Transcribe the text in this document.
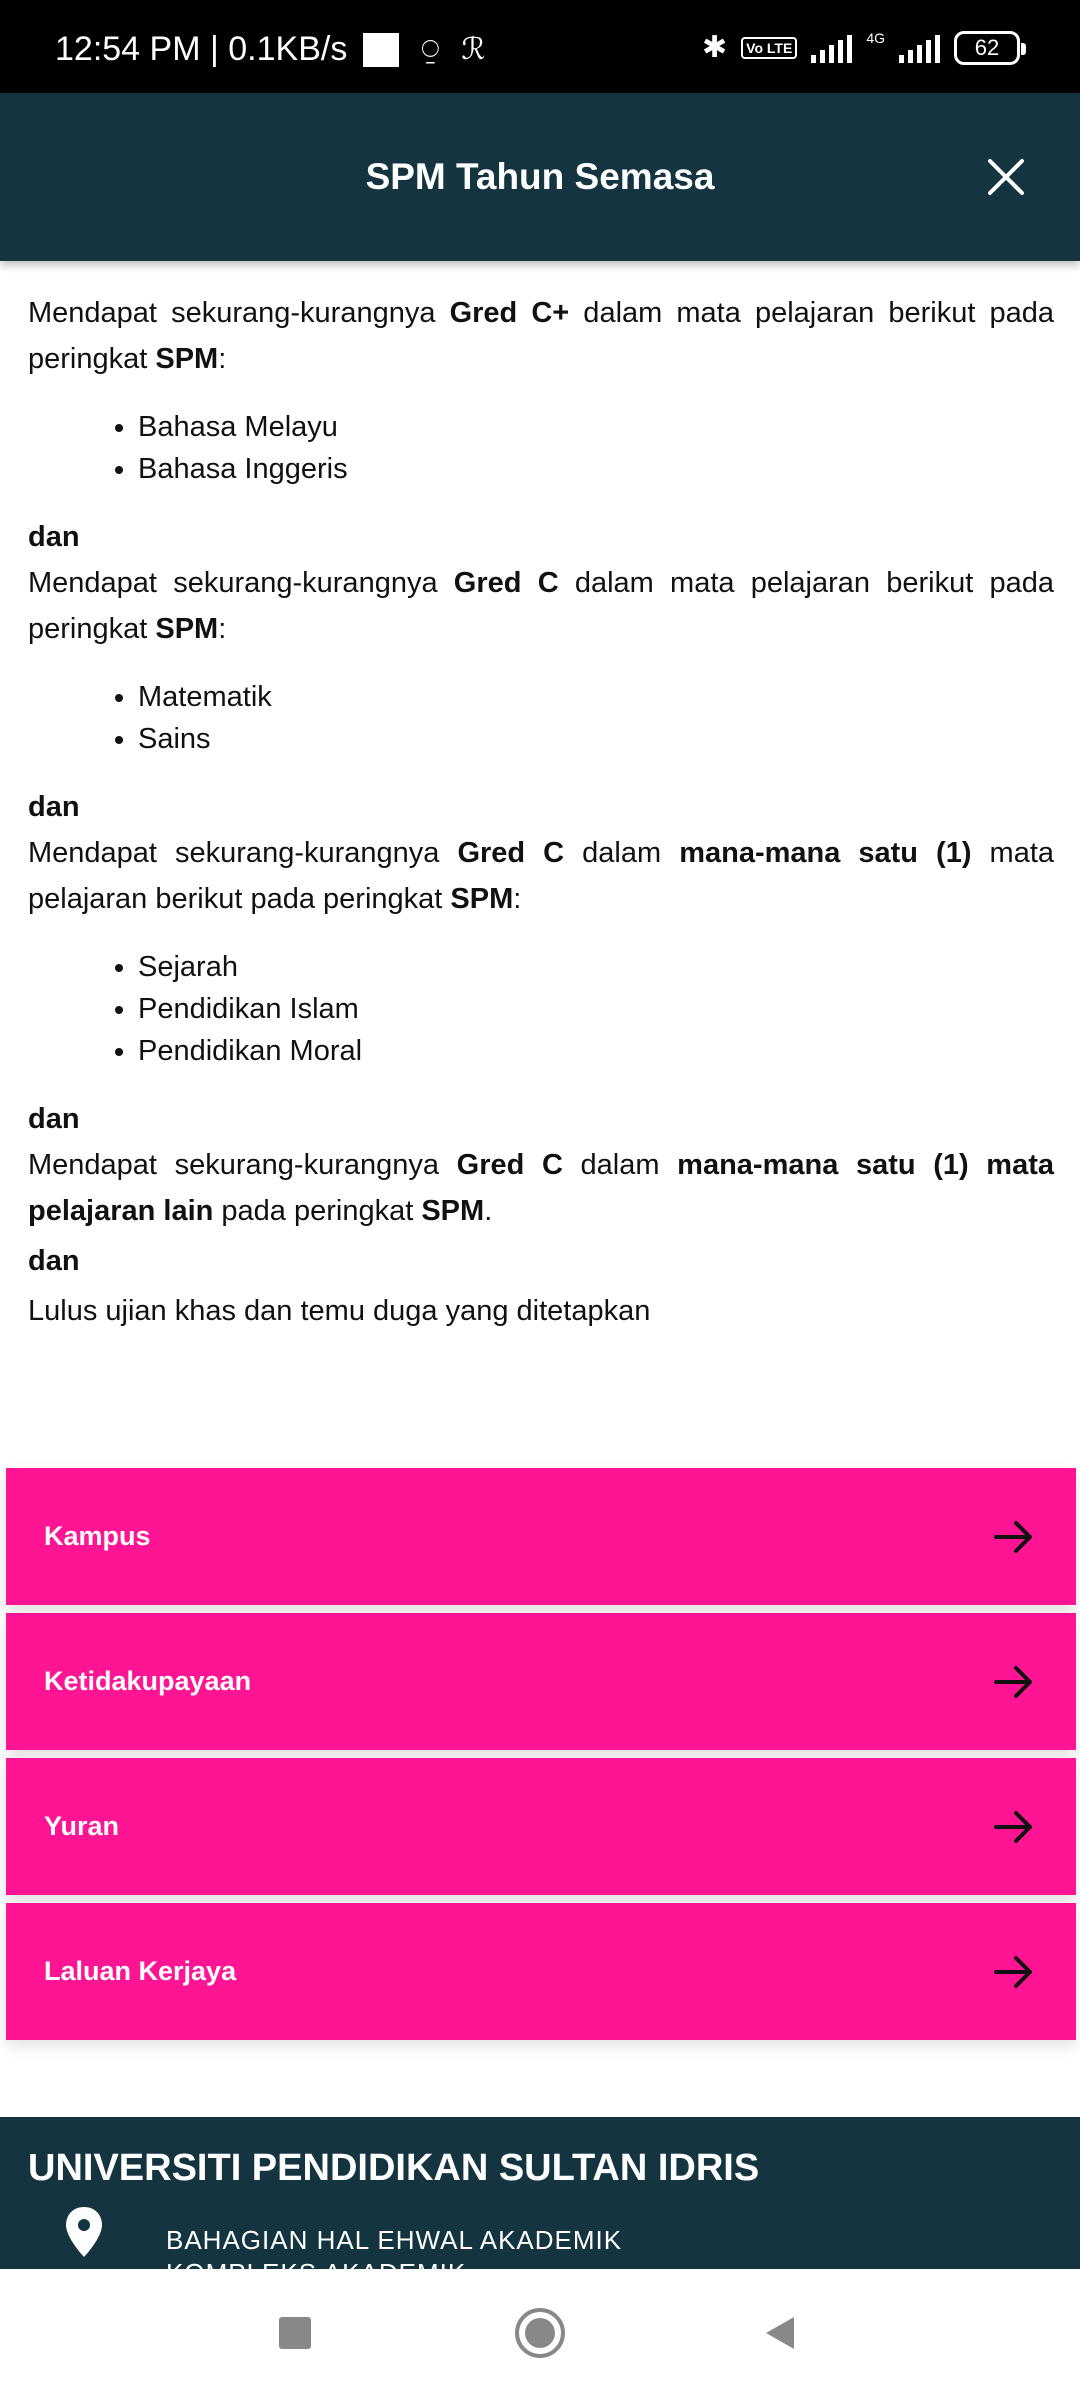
12:54 PM | 0.1KB/s ⍜ ℛ	✱	Vo LTE
4G	62
SPM Tahun Semasa

Mendapat sekurang-kurangnya Gred C+ dalam mata pelajaran berikut pada peringkat SPM:

• Bahasa Melayu
• Bahasa Inggeris
dan

Mendapat sekurang-kurangnya Gred C dalam mata pelajaran berikut pada peringkat SPM:

• Matematik
• Sains
dan

Mendapat sekurang-kurangnya Gred C dalam mana-mana satu (1) mata pelajaran berikut pada peringkat SPM:

• Sejarah
• Pendidikan Islam
• Pendidikan Moral
dan

Mendapat sekurang-kurangnya Gred C dalam mana-mana satu (1) mata pelajaran lain pada peringkat SPM.

dan

Lulus ujian khas dan temu duga yang ditetapkan

Kampus
Ketidakupayaan
Yuran
Laluan Kerjaya
UNIVERSITI PENDIDIKAN SULTAN IDRIS
BAHAGIAN HAL EHWAL AKADEMIK
